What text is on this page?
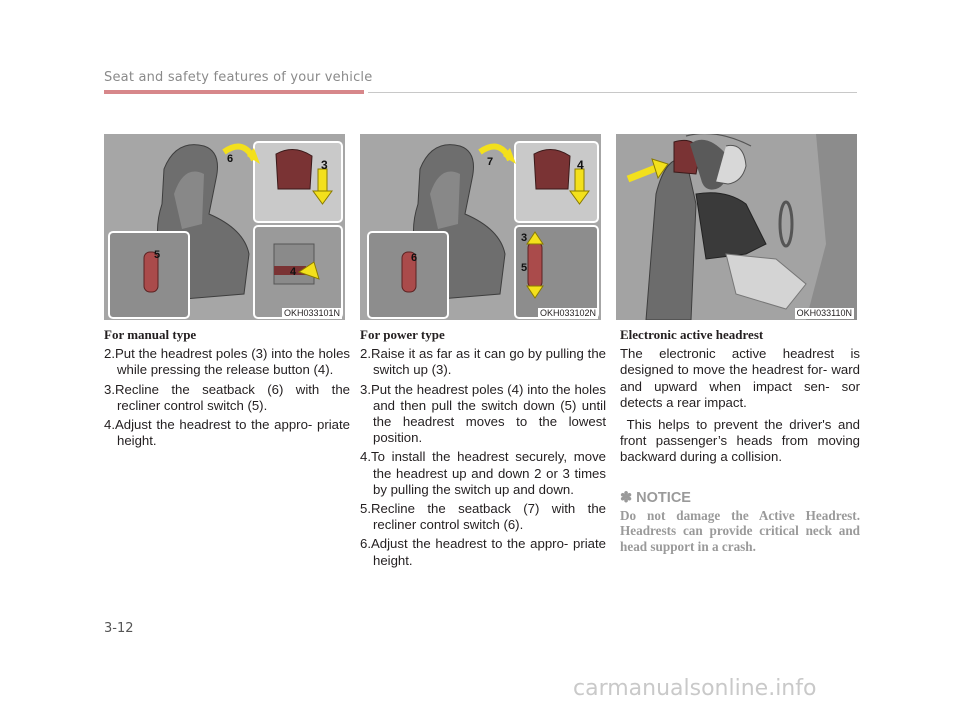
Seat and safety features of your vehicle
6	3
5
4
OKH033101N
7	4
3
6
5
OKH033102N	OKH033110N
For manual type
2.Put the headrest poles (3) into the holes while pressing the release button (4).
3.Recline the seatback (6) with the recliner control switch (5).
4.Adjust the headrest to the appro- priate height.
For power type
2.Raise it as far as it can go by pulling the switch up (3).
3.Put the headrest poles (4) into the holes and then pull the switch down (5) until the headrest moves to the lowest position.
4.To install the headrest securely, move the headrest up and down 2 or 3 times by pulling the switch up and down.
5.Recline the seatback (7) with the recliner control switch (6).
6.Adjust the headrest to the appro- priate height.
Electronic active headrest
The electronic active headrest is designed to move the headrest for- ward and upward when impact sen- sor detects a rear impact.
This helps to prevent the driver's and front passenger’s heads from moving backward during a collision.
✽ NOTICE
Do not damage the Active Headrest. Headrests can provide critical neck and head support in a crash.
3-12
carmanualsonline.info
